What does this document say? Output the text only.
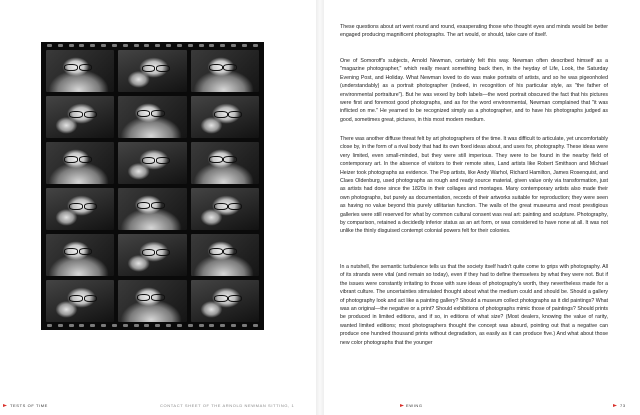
These questions about art went round and round, exasperating those who thought eyes and minds would be better engaged producing magnificent photographs. The art would, or should, take care of itself.

One of Somoroff's subjects, Arnold Newman, certainly felt this way. Newman often described himself as a "magazine photographer," which really meant something back then, in the heyday of Life, Look, the Saturday Evening Post, and Holiday. What Newman loved to do was make portraits of artists, and so he was pigeonholed (understandably) as a portrait photographer (indeed, in recognition of his particular style, as "the father of environmental portraiture"). But he was vexed by both labels—the word portrait obscured the fact that his pictures were first and foremost good photographs, and as for the word environmental, Newman complained that "it was inflicted on me." He yearned to be recognized simply as a photographer, and to have his photographs judged as good, sometimes great, pictures, in this most modern medium.

There was another diffuse threat felt by art photographers of the time. It was difficult to articulate, yet uncomfortably close by, in the form of a rival body that had its own fixed ideas about, and uses for, photography. These ideas were very limited, even small-minded, but they were still imperious. They were to be found in the nearby field of contemporary art. In the absence of visitors to their remote sites, Land artists like Robert Smithson and Michael Heizer took photographs as evidence. The Pop artists, like Andy Warhol, Richard Hamilton, James Rosenquist, and Claes Oldenburg, used photographs as rough and ready source material, given value only via transformation, just as artists had done since the 1820s in their collages and montages. Many contemporary artists also made their own photographs, but purely as documentation, records of their artworks suitable for reproduction; they were seen as having no value beyond this purely utilitarian function. The walls of the great museums and most prestigious galleries were still reserved for what by common cultural consent was real art: painting and sculpture. Photography, by comparison, retained a decidedly inferior status as an art form, or was considered to have none at all. It was not unlike the thinly disguised contempt colonial powers felt for their colonies.

In a nutshell, the semantic turbulence tells us that the society itself hadn't quite come to grips with photography. All of its strands were vital (and remain so today), even if they had to define themselves by what they were not. But if the issues were constantly irritating to those with sure ideas of photography's worth, they nevertheless made for a vibrant culture. The uncertainties stimulated thought about what the medium could and should be. Should a gallery of photography look and act like a painting gallery? Should a museum collect photographs as it did paintings? What was an original—the negative or a print? Should exhibitions of photographs mimic those of paintings? Should prints be produced in limited editions, and if so, in editions of what size? (Most dealers, knowing the value of rarity, wanted limited editions; most photographers thought the concept was absurd, pointing out that a negative can produce one hundred thousand prints without degradation, as easily as it can produce five.) And what about those new color photographs that the younger

TESTS OF TIME	CONTACT SHEET OF THE ARNOLD NEWMAN SITTING, 1	EWING	73
